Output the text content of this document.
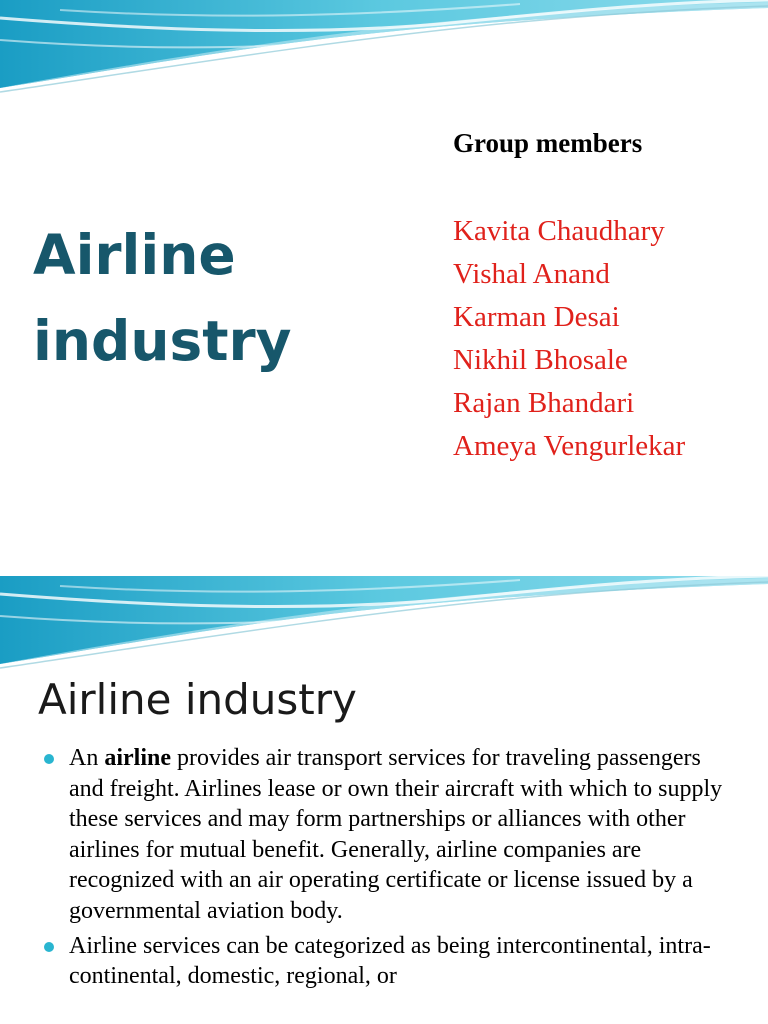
Airline
industry
Group members
Kavita Chaudhary
Vishal Anand
Karman Desai
Nikhil Bhosale
Rajan Bhandari
Ameya Vengurlekar
Airline industry
An airline provides air transport services for traveling passengers and freight. Airlines lease or own their aircraft with which to supply these services and may form partnerships or alliances with other airlines for mutual benefit. Generally, airline companies are recognized with an air operating certificate or license issued by a governmental aviation body.
Airline services can be categorized as being intercontinental, intra-continental, domestic, regional, or
